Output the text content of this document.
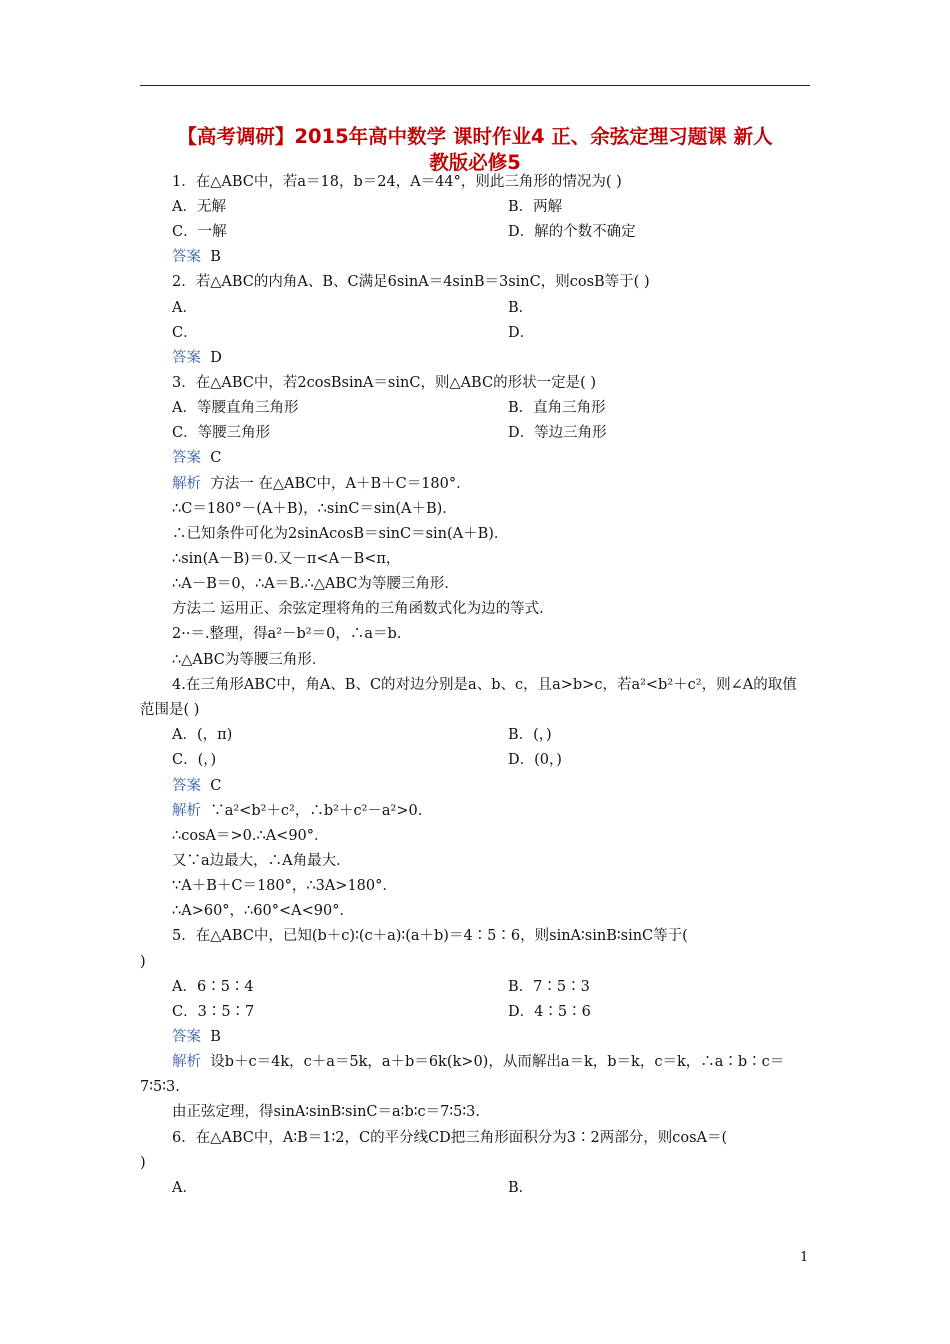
【高考调研】2015年高中数学 课时作业4 正、余弦定理习题课 新人
教版必修5
1．在△ABC中，若a＝18，b＝24，A＝44°，则此三角形的情况为( )
A．无解	B．两解
C．一解	D．解的个数不确定
答案 B
2．若△ABC的内角A、B、C满足6sinA＝4sinB＝3sinC，则cosB等于( )
A．	B．
C．	D．
答案 D
3．在△ABC中，若2cosBsinA＝sinC，则△ABC的形状一定是( )
A．等腰直角三角形	B．直角三角形
C．等腰三角形	D．等边三角形
答案 C
解析 方法一 在△ABC中，A＋B＋C＝180°．
∴C＝180°－(A＋B)，∴sinC＝sin(A＋B)．
∴已知条件可化为2sinAcosB＝sinC＝sin(A＋B)．
∴sin(A－B)＝0.又－π<A－B<π，
∴A－B＝0，∴A＝B.∴△ABC为等腰三角形．
方法二 运用正、余弦定理将角的三角函数式化为边的等式．
2··＝.整理，得a²－b²＝0，∴a＝b.
∴△ABC为等腰三角形．
4.在三角形ABC中，角A、B、C的对边分别是a、b、c，且a>b>c，若a²<b²＋c²，则∠A的取值
范围是( )
A．(，π)	B．(，)
C．(，)	D．(0，)
答案 C
解析 ∵a²<b²＋c²，∴b²＋c²－a²>0.
∴cosA＝>0.∴A<90°．
又∵a边最大，∴A角最大．
∵A＋B＋C＝180°，∴3A>180°．
∴A>60°，∴60°<A<90°．
5．在△ABC中，已知(b＋c)∶(c＋a)∶(a＋b)＝4∶5∶6，则sinA∶sinB∶sinC等于(
)
A．6∶5∶4	B．7∶5∶3
C．3∶5∶7	D．4∶5∶6
答案 B
解析 设b＋c＝4k，c＋a＝5k，a＋b＝6k(k>0)，从而解出a＝k，b＝k，c＝k，∴a∶b∶c＝
7∶5∶3.
由正弦定理，得sinA∶sinB∶sinC＝a∶b∶c＝7∶5∶3.
6．在△ABC中，A∶B＝1∶2，C的平分线CD把三角形面积分为3∶2两部分，则cosA＝(
)
A．	B．
1
